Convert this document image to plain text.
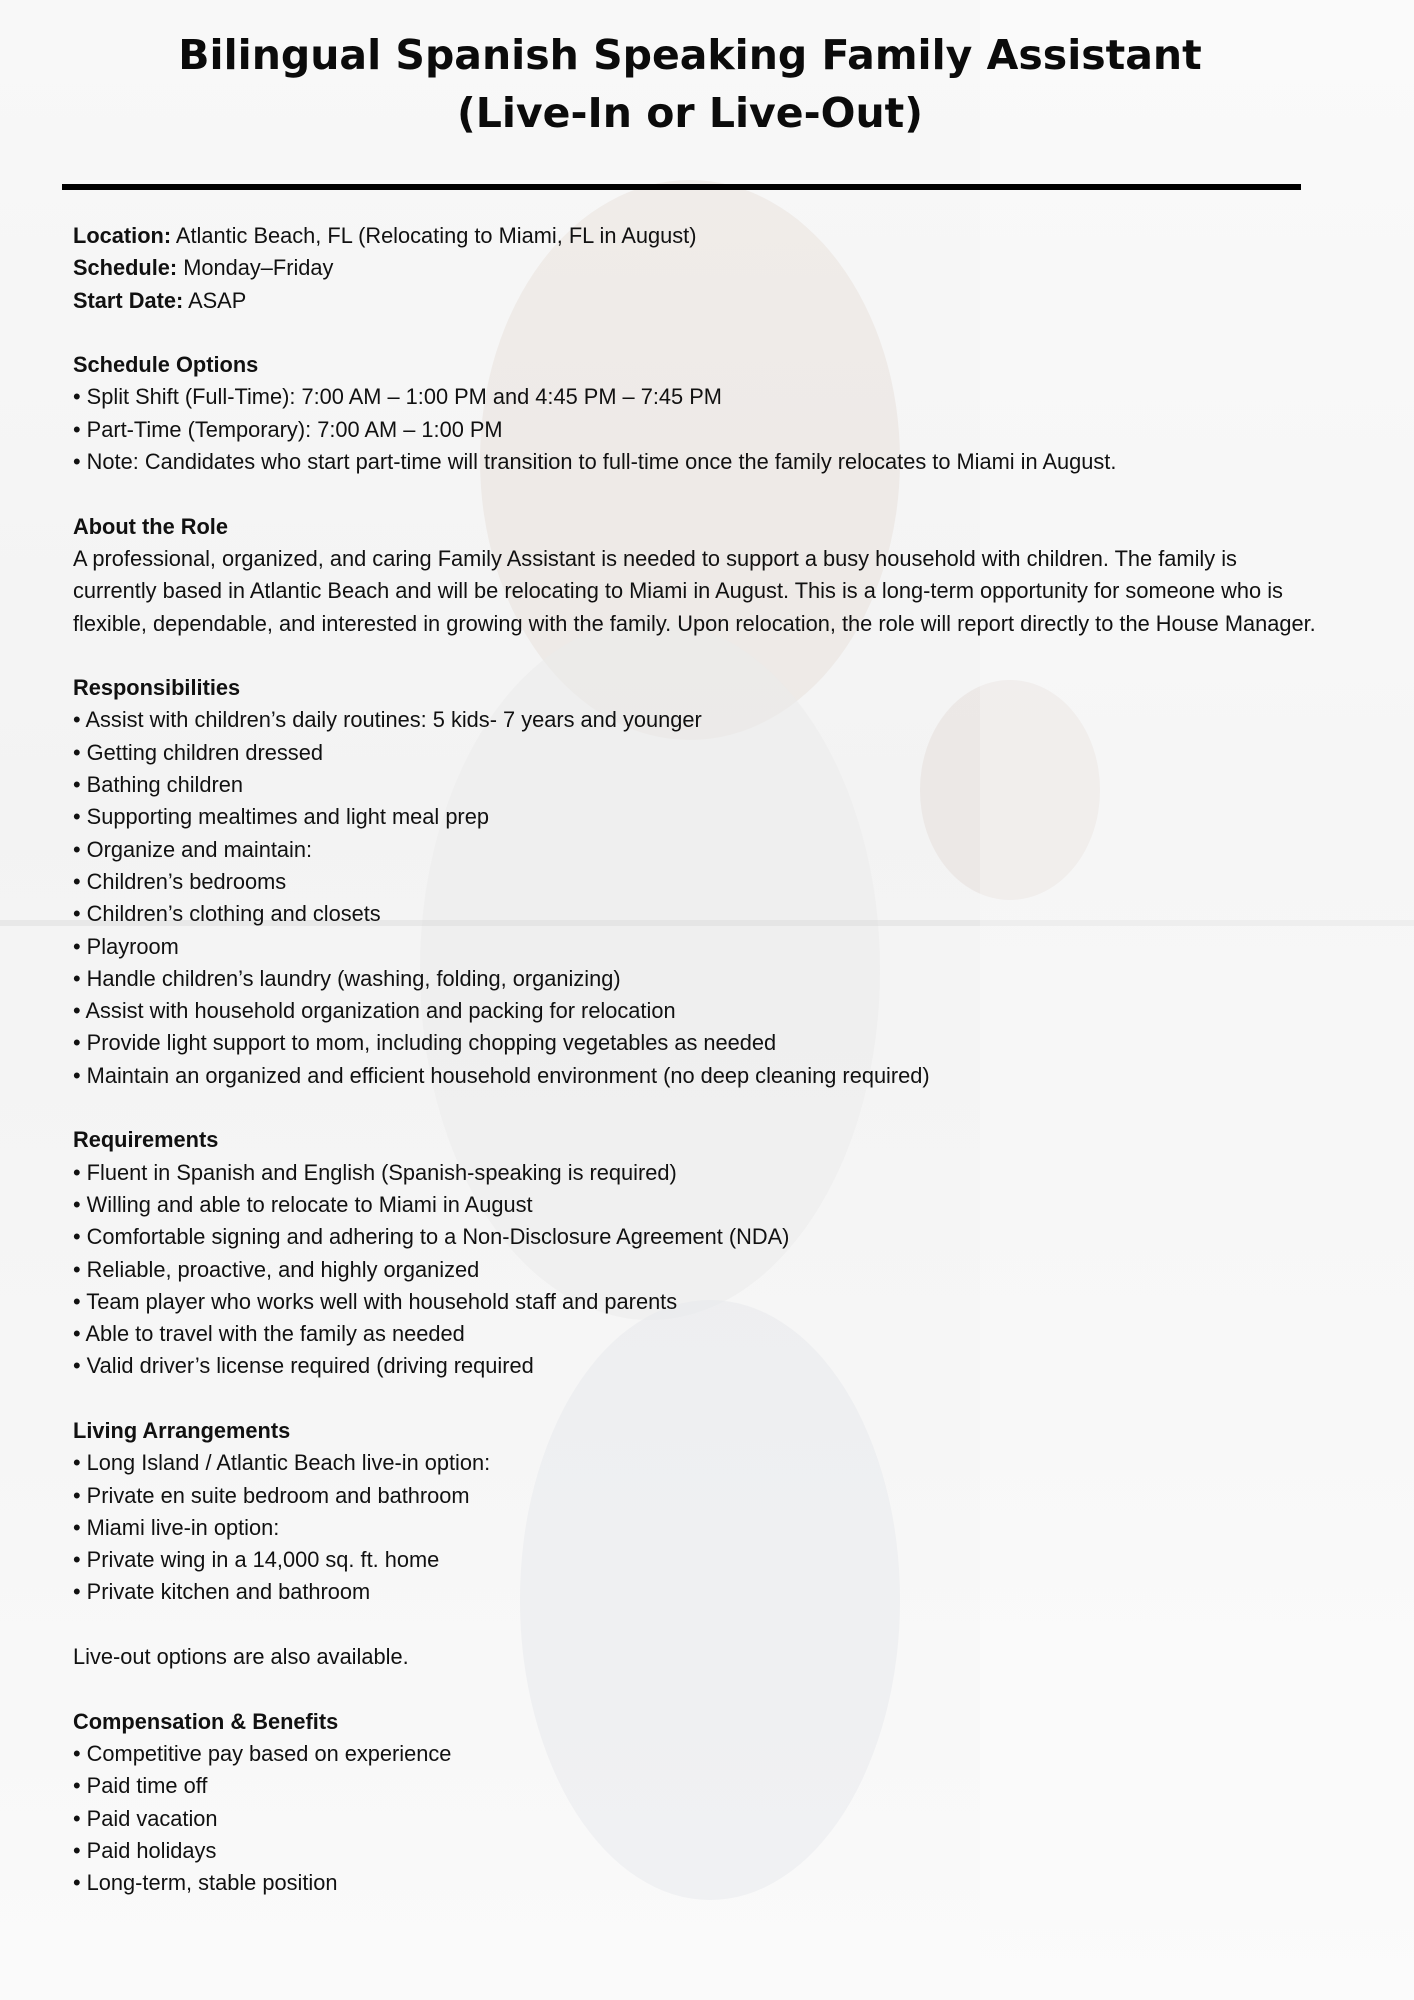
Bilingual Spanish Speaking Family Assistant
(Live-In or Live-Out)

Location: Atlantic Beach, FL (Relocating to Miami, FL in August)

Schedule: Monday–Friday

Start Date: ASAP

Schedule Options

• Split Shift (Full-Time): 7:00 AM – 1:00 PM and 4:45 PM – 7:45 PM

• Part-Time (Temporary): 7:00 AM – 1:00 PM

• Note: Candidates who start part-time will transition to full-time once the family relocates to Miami in August.

About the Role

A professional, organized, and caring Family Assistant is needed to support a busy household with children. The family is currently based in Atlantic Beach and will be relocating to Miami in August. This is a long-term opportunity for someone who is flexible, dependable, and interested in growing with the family. Upon relocation, the role will report directly to the House Manager.

Responsibilities

• Assist with children’s daily routines: 5 kids- 7 years and younger

• Getting children dressed

• Bathing children

• Supporting mealtimes and light meal prep

• Organize and maintain:

• Children’s bedrooms

• Children’s clothing and closets

• Playroom

• Handle children’s laundry (washing, folding, organizing)

• Assist with household organization and packing for relocation

• Provide light support to mom, including chopping vegetables as needed

• Maintain an organized and efficient household environment (no deep cleaning required)

Requirements

• Fluent in Spanish and English (Spanish-speaking is required)

• Willing and able to relocate to Miami in August

• Comfortable signing and adhering to a Non-Disclosure Agreement (NDA)

• Reliable, proactive, and highly organized

• Team player who works well with household staff and parents

• Able to travel with the family as needed

• Valid driver’s license required (driving required

Living Arrangements

• Long Island / Atlantic Beach live-in option:

• Private en suite bedroom and bathroom

• Miami live-in option:

• Private wing in a 14,000 sq. ft. home

• Private kitchen and bathroom

Live-out options are also available.

Compensation & Benefits

• Competitive pay based on experience

• Paid time off

• Paid vacation

• Paid holidays

• Long-term, stable position
